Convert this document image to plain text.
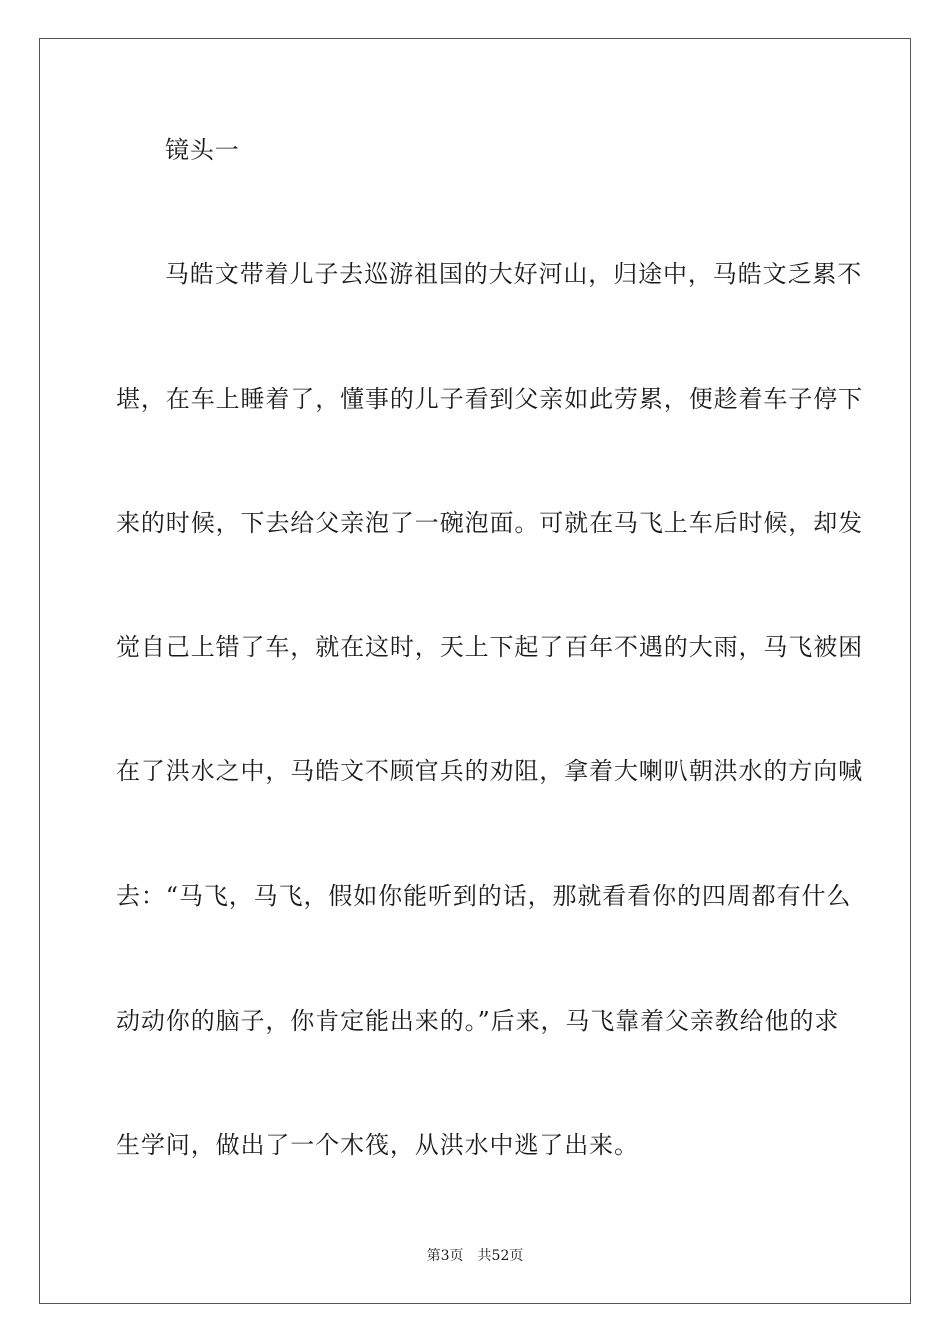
镜头一
马皓文带着儿子去巡游祖国的大好河山，归途中，马皓文乏累不
堪，在车上睡着了，懂事的儿子看到父亲如此劳累，便趁着车子停下
来的时候，下去给父亲泡了一碗泡面。可就在马飞上车后时候，却发
觉自己上错了车，就在这时，天上下起了百年不遇的大雨，马飞被困
在了洪水之中，马皓文不顾官兵的劝阻，拿着大喇叭朝洪水的方向喊
去：“马飞，马飞，假如你能听到的话，那就看看你的四周都有什么
动动你的脑子，你肯定能出来的。”后来，马飞靠着父亲教给他的求
生学问，做出了一个木筏，从洪水中逃了出来。
第3页 共52页
